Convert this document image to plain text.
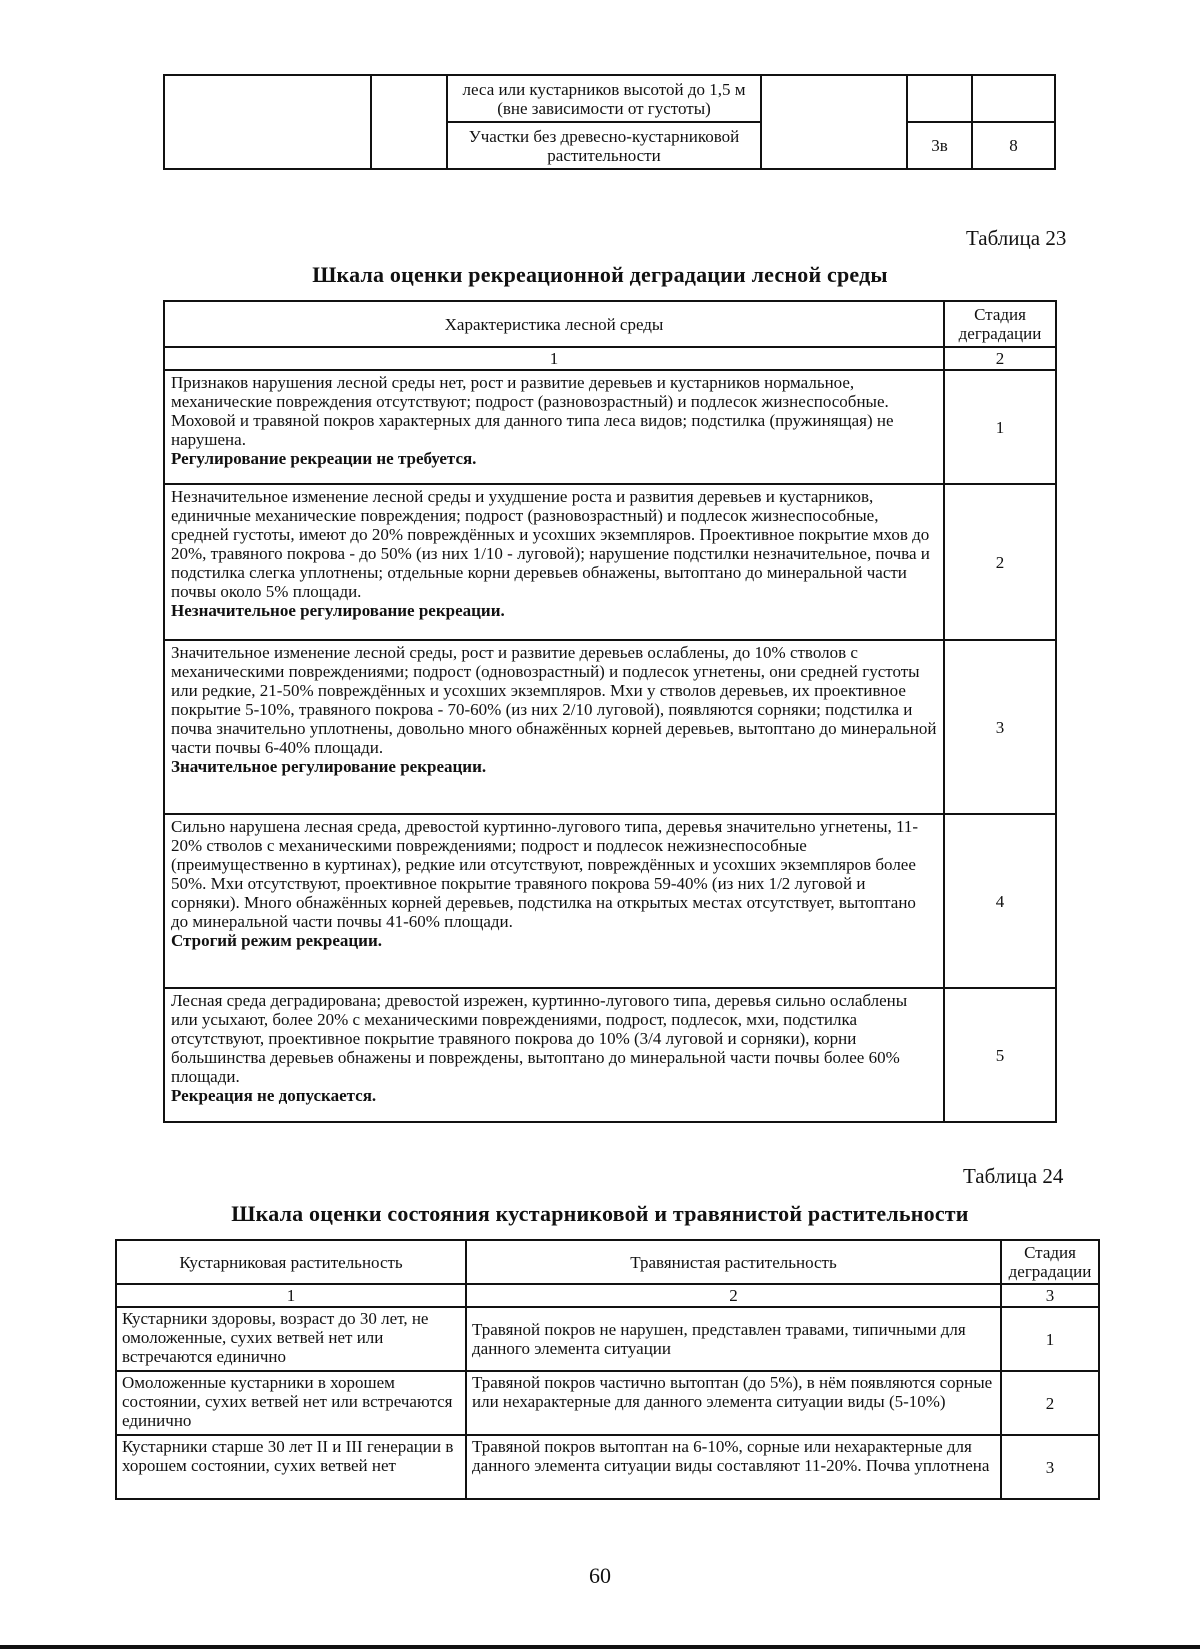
		леса или кустарников высотой до 1,5 м (вне зависимости от густоты)			
		Участки без древесно-кустарниковой растительности		3в	8
Таблица 23
Шкала оценки рекреационной деградации лесной среды
Характеристика лесной среды	Стадия деградации
1	2
Признаков нарушения лесной среды нет, рост и развитие деревьев и кустарников нормальное, механические повреждения отсутствуют; подрост (разновозрастный) и подлесок жизнеспособные. Моховой и травяной покров характерных для данного типа леса видов; подстилка (пружинящая) не нарушена.
Регулирование рекреации не требуется.	1
Незначительное изменение лесной среды и ухудшение роста и развития деревьев и кустарников, единичные механические повреждения; подрост (разновозрастный) и подлесок жизнеспособные, средней густоты, имеют до 20% повреждённых и усохших экземпляров. Проективное покрытие мхов до 20%, травяного покрова - до 50% (из них 1/10 - луговой); нарушение подстилки незначительное, почва и подстилка слегка уплотнены; отдельные корни деревьев обнажены, вытоптано до минеральной части почвы около 5% площади.
Незначительное регулирование рекреации.	2
Значительное изменение лесной среды, рост и развитие деревьев ослаблены, до 10% стволов с механическими повреждениями; подрост (одновозрастный) и подлесок угнетены, они средней густоты или редкие, 21-50% повреждённых и усохших экземпляров. Мхи у стволов деревьев, их проективное покрытие 5-10%, травяного покрова - 70-60% (из них 2/10 луговой), появляются сорняки; подстилка и почва значительно уплотнены, довольно много обнажённых корней деревьев, вытоптано до минеральной части почвы 6-40% площади.
Значительное регулирование рекреации.	3
Сильно нарушена лесная среда, древостой куртинно-лугового типа, деревья значительно угнетены, 11-20% стволов с механическими повреждениями; подрост и подлесок нежизнеспособные (преимущественно в куртинах), редкие или отсутствуют, повреждённых и усохших экземпляров более 50%. Мхи отсутствуют, проективное покрытие травяного покрова 59-40% (из них 1/2 луговой и сорняки). Много обнажённых корней деревьев, подстилка на открытых местах отсутствует, вытоптано до минеральной части почвы 41-60% площади.
Строгий режим рекреации.	4
Лесная среда деградирована; древостой изрежен, куртинно-лугового типа, деревья сильно ослаблены или усыхают, более 20% с механическими повреждениями, подрост, подлесок, мхи, подстилка отсутствуют, проективное покрытие травяного покрова до 10% (3/4 луговой и сорняки), корни большинства деревьев обнажены и повреждены, вытоптано до минеральной части почвы более 60% площади.
Рекреация не допускается.	5
Таблица 24
Шкала оценки состояния кустарниковой и травянистой растительности
Кустарниковая растительность	Травянистая растительность	Стадия деградации
1	2	3
Кустарники здоровы, возраст до 30 лет, не омоложенные, сухих ветвей нет или встречаются единично	Травяной покров не нарушен, представлен травами, типичными для данного элемента ситуации	1
Омоложенные кустарники в хорошем состоянии, сухих ветвей нет или встречаются единично	Травяной покров частично вытоптан (до 5%), в нём появляются сорные или нехарактерные для данного элемента ситуации виды (5-10%)	2
Кустарники старше 30 лет II и III генерации в хорошем состоянии, сухих ветвей нет	Травяной покров вытоптан на 6-10%, сорные или нехарактерные для данного элемента ситуации виды составляют 11-20%. Почва уплотнена	3
60
